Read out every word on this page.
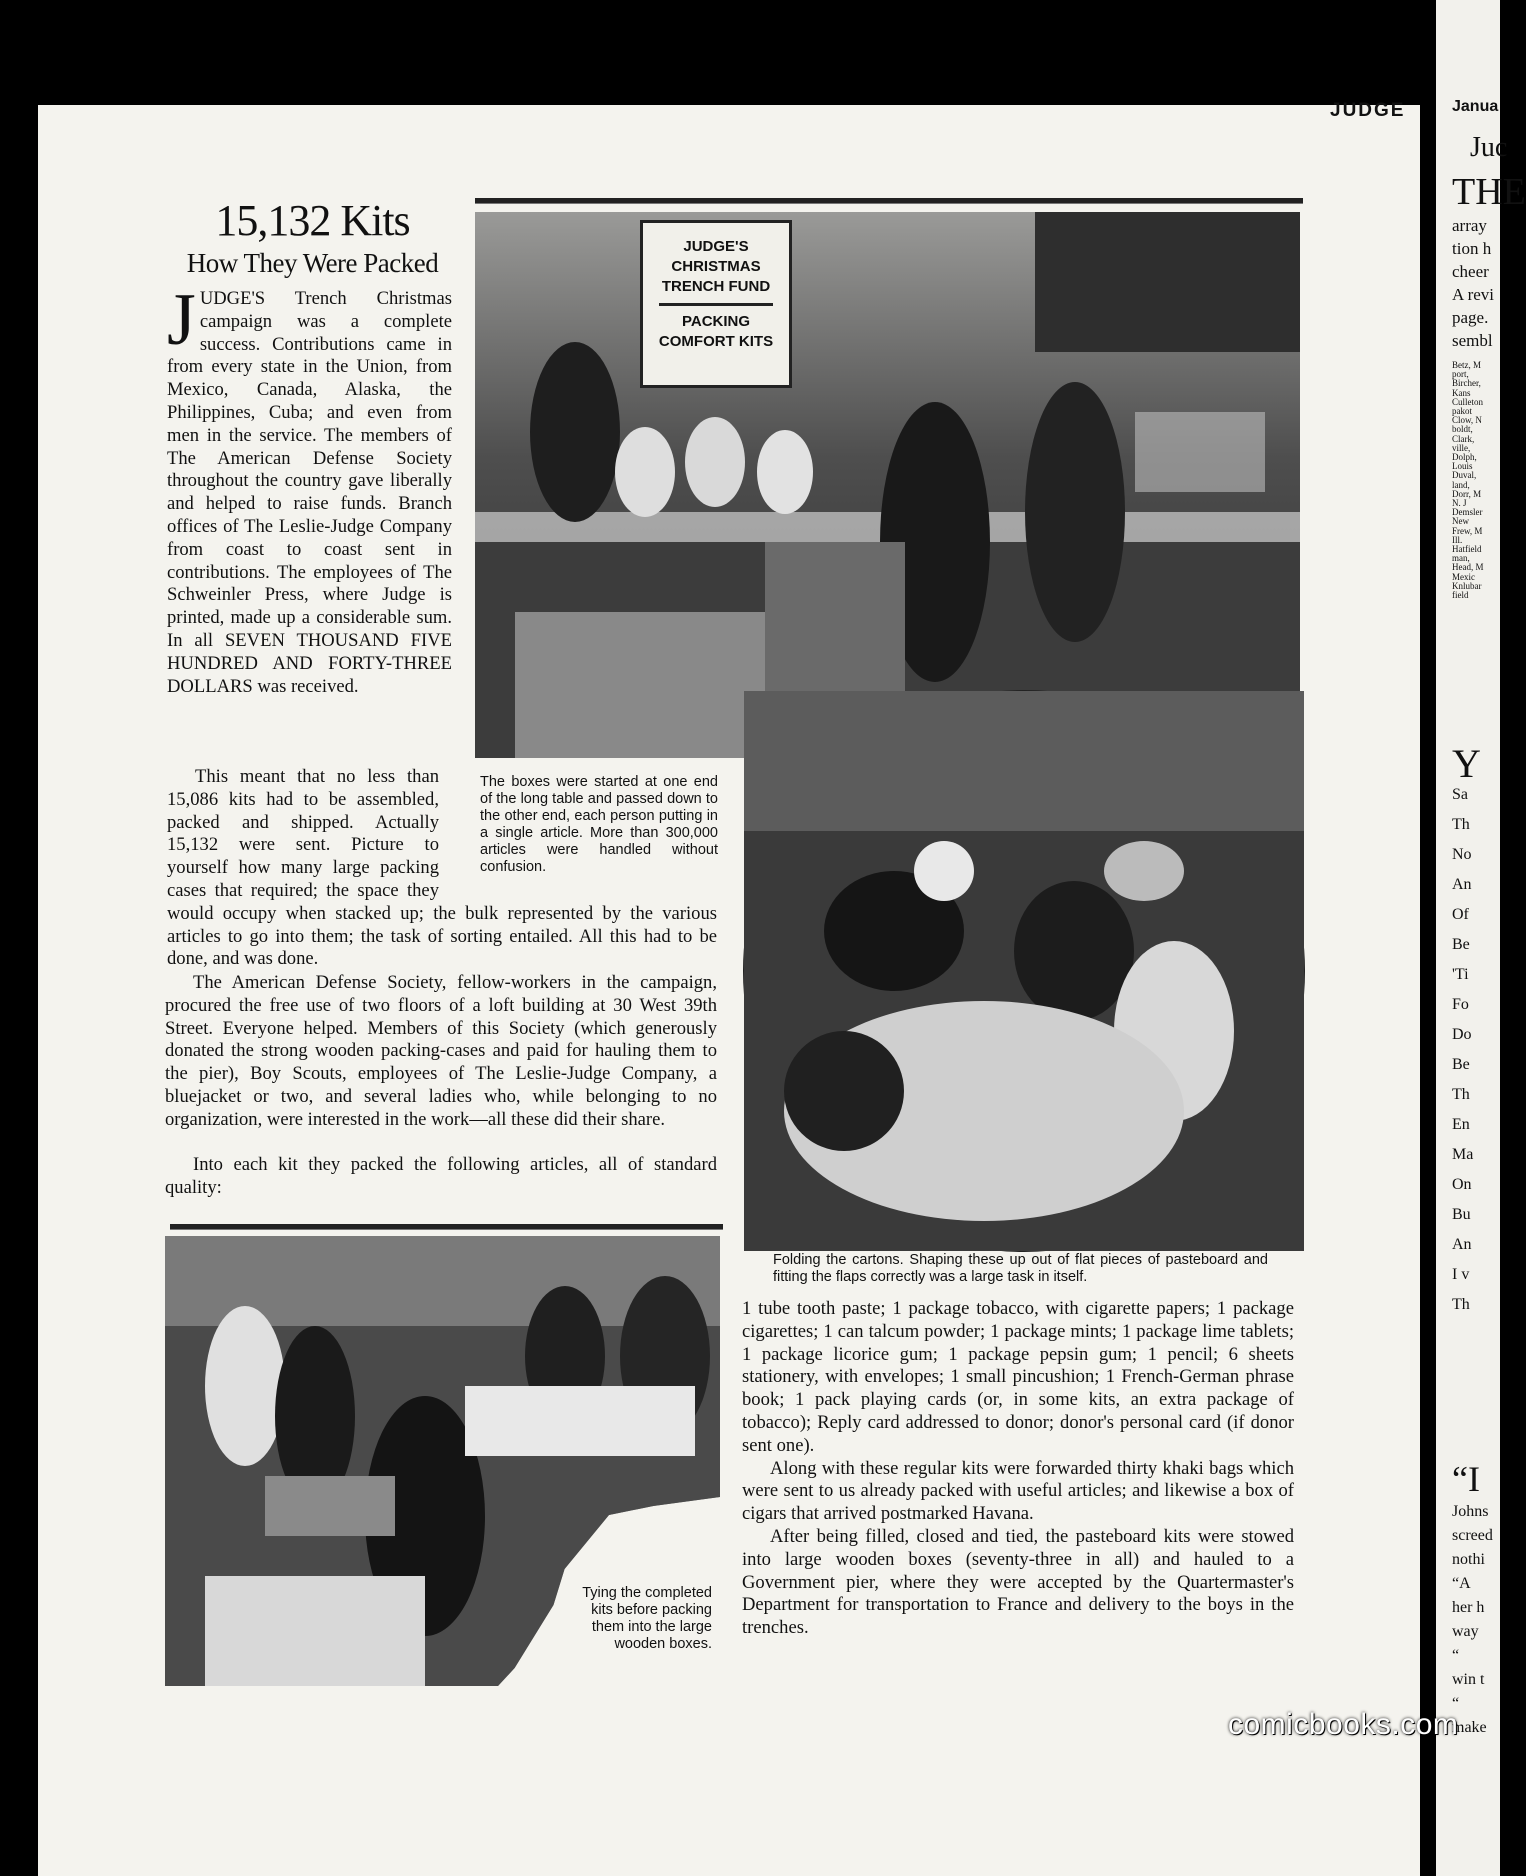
Janua
Juc
THE
array
tion h
cheer
A revi
page.
sembl
Betz, M
port,
Bircher,
Kans
Culleton
pakot
Clow, N
boldt,
Clark,
ville,
Dolph,
Louis
Duval,
land,
Dorr, M
N. J
Demsler
New
Frew, M
Ill.
Hatfield
man,
Head, M
Mexic
Knlubar
field
Y
Sa
Th
No
An
Of
Be
'Ti
Fo
Do
Be
Th
En
Ma
On
Bu
An
I v
Th
“I
Johns
screed
nothi
“A
her h
way
“
win t
“
make
JUDGE
15,132 Kits
How They Were Packed
JUDGE'S Trench Christmas campaign was a complete success. Contributions came in from every state in the Union, from Mexico, Canada, Alaska, the Philippines, Cuba; and even from men in the service. The members of The American Defense Society throughout the country gave liberally and helped to raise funds. Branch offices of The Leslie-Judge Company from coast to coast sent in contributions. The employees of The Schweinler Press, where Judge is printed, made up a considerable sum. In all SEVEN THOUSAND FIVE HUNDRED AND FORTY-THREE DOLLARS was received.
This meant that no less than 15,086 kits had to be assembled, packed and shipped. Actually 15,132 were sent. Picture to yourself how many large packing cases that required; the space they would occupy when stacked up; the bulk represented by the various articles to go into them; the task of sorting entailed. All this had to be done, and was done.
The American Defense Society, fellow-workers in the campaign, procured the free use of two floors of a loft building at 30 West 39th Street. Everyone helped. Members of this Society (which generously donated the strong wooden packing-cases and paid for hauling them to the pier), Boy Scouts, employees of The Leslie-Judge Company, a bluejacket or two, and several ladies who, while belonging to no organization, were interested in the work—all these did their share.
Into each kit they packed the following articles, all of standard quality:
JUDGE'S CHRISTMAS TRENCH FUND
PACKING COMFORT KITS
The boxes were started at one end of the long table and passed down to the other end, each person putting in a single article. More than 300,000 articles were handled without confusion.
Folding the cartons. Shaping these up out of flat pieces of pasteboard and fitting the flaps correctly was a large task in itself.
Tying the completed kits before packing them into the large wooden boxes.

1 tube tooth paste; 1 package tobacco, with cigarette papers; 1 package cigarettes; 1 can talcum powder; 1 package mints; 1 package lime tablets; 1 package licorice gum; 1 package pepsin gum; 1 pencil; 6 sheets stationery, with envelopes; 1 small pincushion; 1 French-German phrase book; 1 pack playing cards (or, in some kits, an extra package of tobacco); Reply card addressed to donor; donor's personal card (if donor sent one).

Along with these regular kits were forwarded thirty khaki bags which were sent to us already packed with useful articles; and likewise a box of cigars that arrived postmarked Havana.

After being filled, closed and tied, the pasteboard kits were stowed into large wooden boxes (seventy-three in all) and hauled to a Government pier, where they were accepted by the Quartermaster's Department for transportation to France and delivery to the boys in the trenches.

comicbooks.com
